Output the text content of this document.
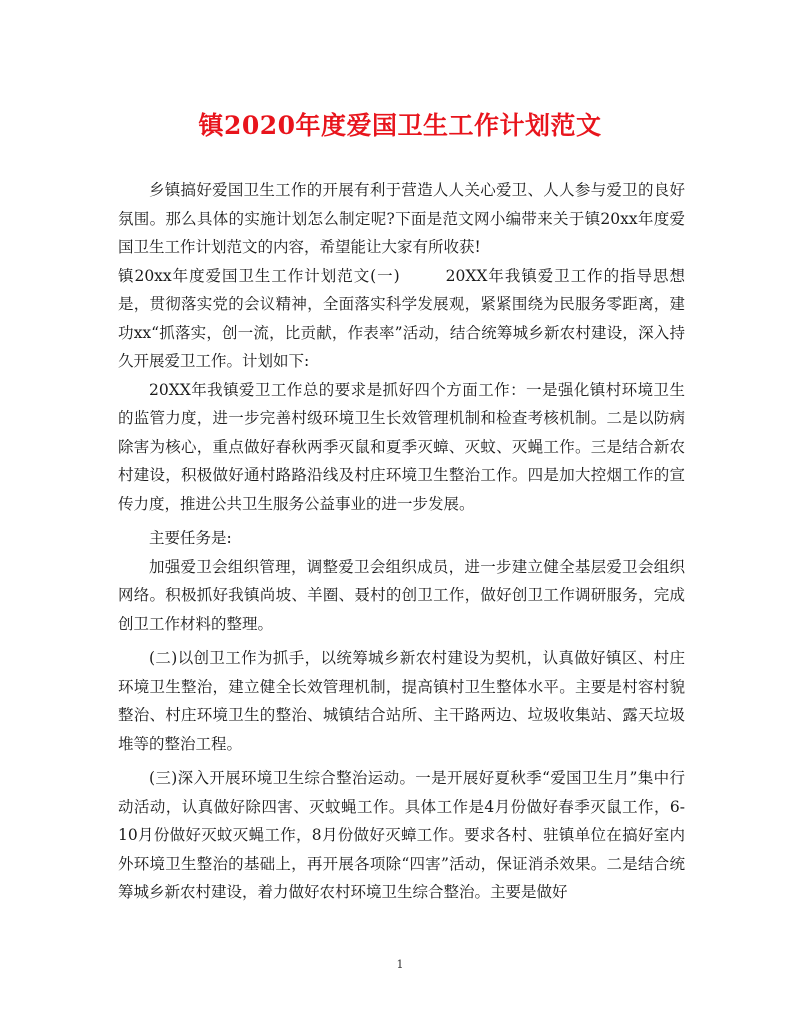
镇2020年度爱国卫生工作计划范文

乡镇搞好爱国卫生工作的开展有利于营造人人关心爱卫、人人参与爱卫的良好氛围。那么具体的实施计划怎么制定呢?下面是范文网小编带来关于镇20xx年度爱国卫生工作计划范文的内容，希望能让大家有所收获!

镇20xx年度爱国卫生工作计划范文(一)	20XX年我镇爱卫工作的指导思想是，贯彻落实党的会议精神，全面落实科学发展观，紧紧围绕为民服务零距离，建功xx“抓落实，创一流，比贡献，作表率”活动，结合统筹城乡新农村建设，深入持久开展爱卫工作。计划如下:

20XX年我镇爱卫工作总的要求是抓好四个方面工作：一是强化镇村环境卫生的监管力度，进一步完善村级环境卫生长效管理机制和检查考核机制。二是以防病除害为核心，重点做好春秋两季灭鼠和夏季灭蟑、灭蚊、灭蝇工作。三是结合新农村建设，积极做好通村路路沿线及村庄环境卫生整治工作。四是加大控烟工作的宣传力度，推进公共卫生服务公益事业的进一步发展。

主要任务是:

加强爱卫会组织管理，调整爱卫会组织成员，进一步建立健全基层爱卫会组织网络。积极抓好我镇尚坡、羊圈、聂村的创卫工作，做好创卫工作调研服务，完成创卫工作材料的整理。

(二)以创卫工作为抓手，以统筹城乡新农村建设为契机，认真做好镇区、村庄环境卫生整治，建立健全长效管理机制，提高镇村卫生整体水平。主要是村容村貌整治、村庄环境卫生的整治、城镇结合站所、主干路两边、垃圾收集站、露天垃圾堆等的整治工程。

(三)深入开展环境卫生综合整治运动。一是开展好夏秋季“爱国卫生月”集中行动活动，认真做好除四害、灭蚊蝇工作。具体工作是4月份做好春季灭鼠工作，6-10月份做好灭蚊灭蝇工作，8月份做好灭蟑工作。要求各村、驻镇单位在搞好室内外环境卫生整治的基础上，再开展各项除“四害”活动，保证消杀效果。二是结合统筹城乡新农村建设，着力做好农村环境卫生综合整治。主要是做好

1
